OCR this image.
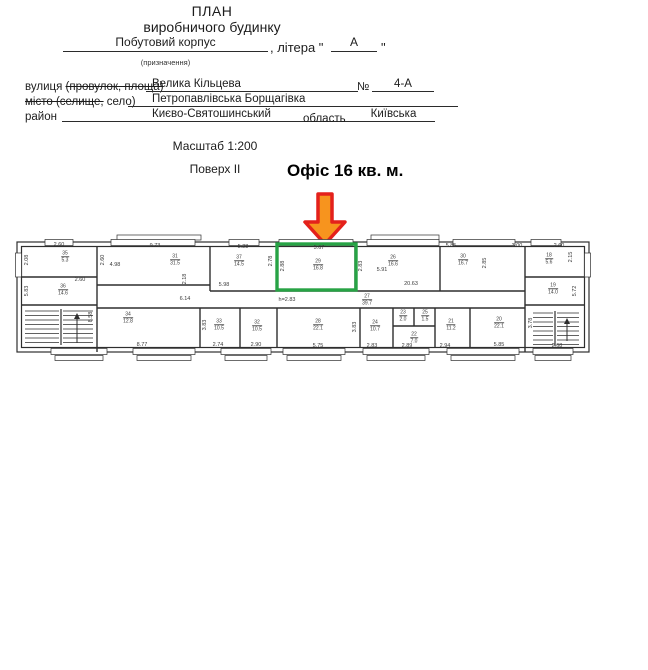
ПЛАН
виробничого будинку
Побутовий корпус	, літера "	А	"
(призначення)
вулиця (провулок, площа)
Велика Кільцева	№	4-А
місто (селище, село)	Петропавлівська Борщагівка
район	Києво-Святошинський	область	Київська
Масштаб 1:200
Поверх II	Офіс 16 кв. м.
35
5.3
36
14.6
31
31.5
37
14.5
29
16.8
26
16.6
30
16.7
18
5.6
19
14.0
27
39.7
34
12.8	33
10.5
32
10.5
28
22.1
24
10.7
23
2.0
25
1.5
22
7.0
21
11.2
20
22.1
2.60	9.73	5.28	5.67	5.85	3.00	2.60
2.08	2.60
2.60
5.83
4.98
2.18
2.78 2.88	2.83
5.98
5.91
20.63
2.85
2.15
5.72
6.14	h=2.83
8.58
3.83	3.83	3.78
8.77	2.74	2.90	5.75	2.83	2.89	2.94	5.85	2.68
